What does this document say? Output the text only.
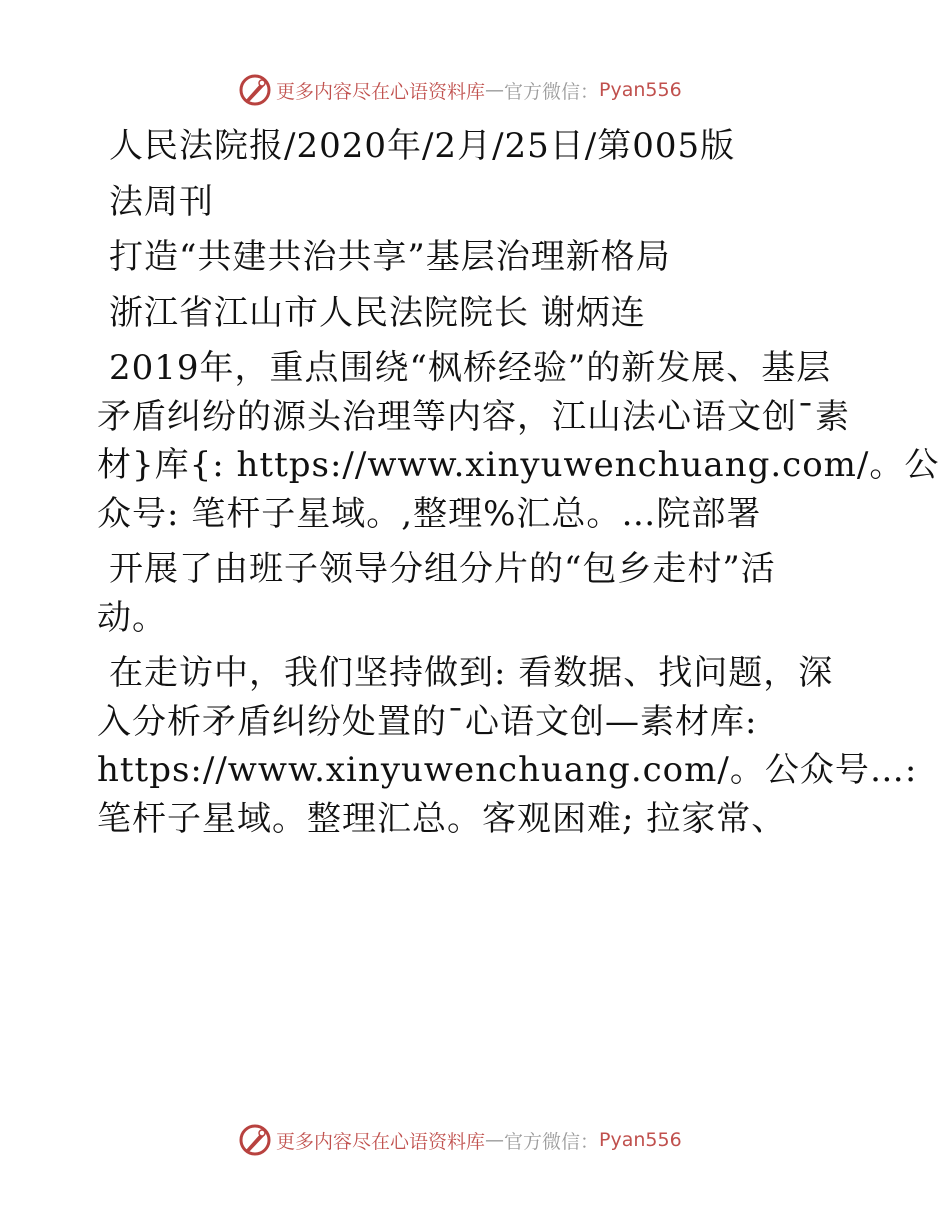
更多内容尽在心语资料库 — 官方微信： Pyan556
人民法院报/2020年/2月/25日/第005版
法周刊
打造“共建共治共享”基层治理新格局
浙江省江山市人民法院院长 谢炳连
2019年，重点围绕“枫桥经验”的新发展、基层
矛盾纠纷的源头治理等内容，江山法心语文创¯素
材}库{: https://www.xinyuwenchuang.com/。公
众号: 笔杆子星域。,整理%汇总。…院部署
开展了由班子领导分组分片的“包乡走村”活
动。
在走访中，我们坚持做到: 看数据、找问题，深
入分析矛盾纠纷处置的¯心语文创—素材库:
https://www.xinyuwenchuang.com/。公众号…:
笔杆子星域。整理汇总。客观困难; 拉家常、
更多内容尽在心语资料库 — 官方微信： Pyan556
